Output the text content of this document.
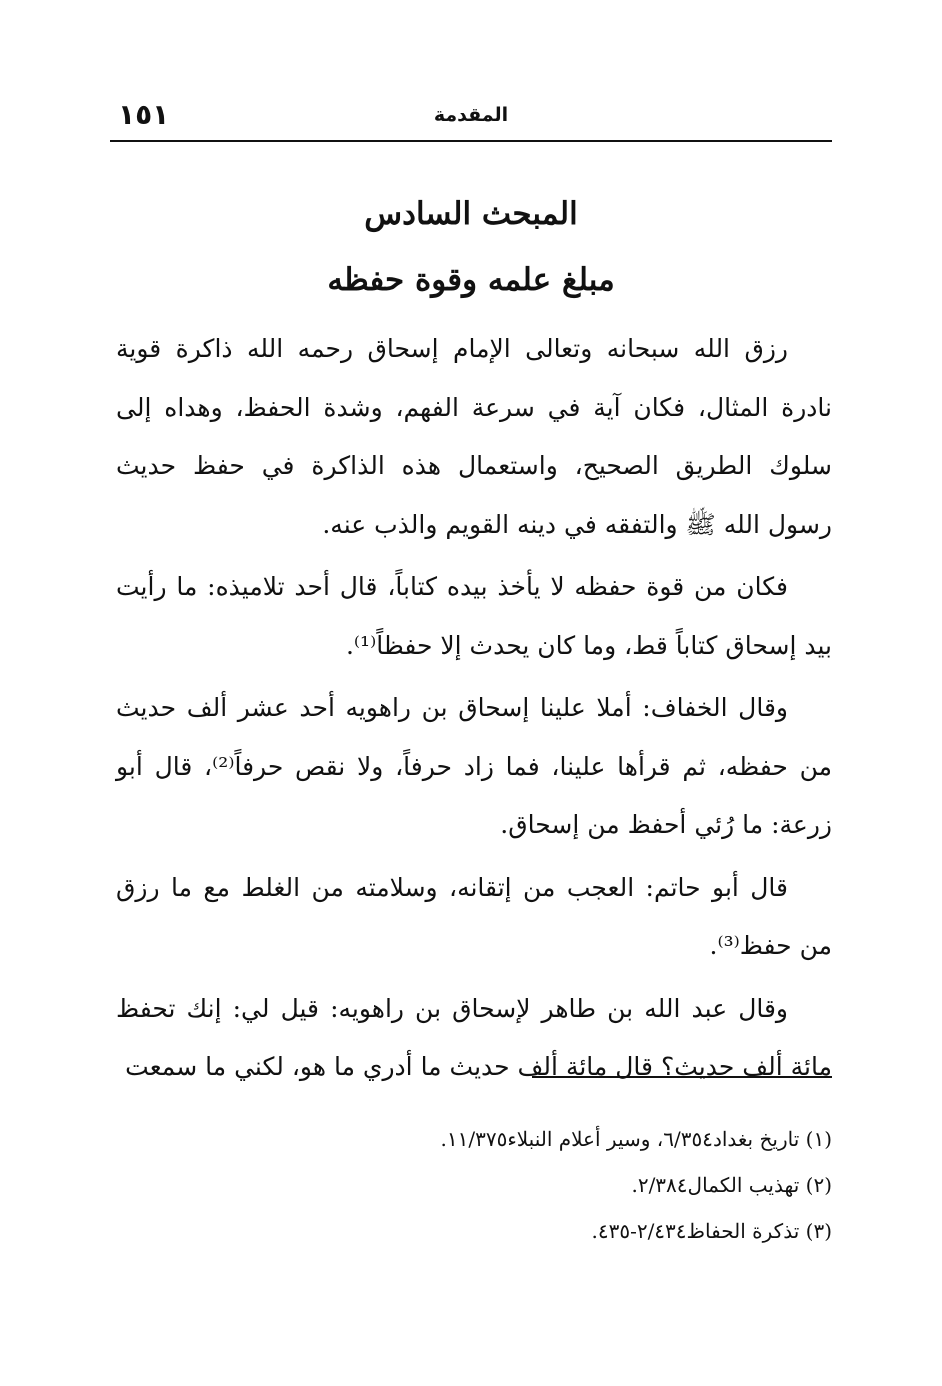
المقدمة
١٥١
المبحث السادس
مبلغ علمه وقوة حفظه

رزق الله سبحانه وتعالى الإمام إسحاق رحمه الله ذاكرة قوية نادرة المثال، فكان آية في سرعة الفهم، وشدة الحفظ، وهداه إلى سلوك الطريق الصحيح، واستعمال هذه الذاكرة في حفظ حديث رسول الله ﷺ والتفقه في دينه القويم والذب عنه.

فكان من قوة حفظه لا يأخذ بيده كتاباً، قال أحد تلاميذه: ما رأيت بيد إسحاق كتاباً قط، وما كان يحدث إلا حفظاً⁽¹⁾.

وقال الخفاف: أملا علينا إسحاق بن راهويه أحد عشر ألف حديث من حفظه، ثم قرأها علينا، فما زاد حرفاً، ولا نقص حرفاً⁽²⁾، قال أبو زرعة: ما رُئي أحفظ من إسحاق.

قال أبو حاتم: العجب من إتقانه، وسلامته من الغلط مع ما رزق من حفظ⁽³⁾.

وقال عبد الله بن طاهر لإسحاق بن راهويه: قيل لي: إنك تحفظ مائة ألف حديث؟ قال مائة ألف حديث ما أدري ما هو، لكني ما سمعت

(١) تاريخ بغداد٦/٣٥٤، وسير أعلام النبلاء١١/٣٧٥.

(٢) تهذيب الكمال٢/٣٨٤.

(٣) تذكرة الحفاظ٢/٤٣٤-٤٣٥.
